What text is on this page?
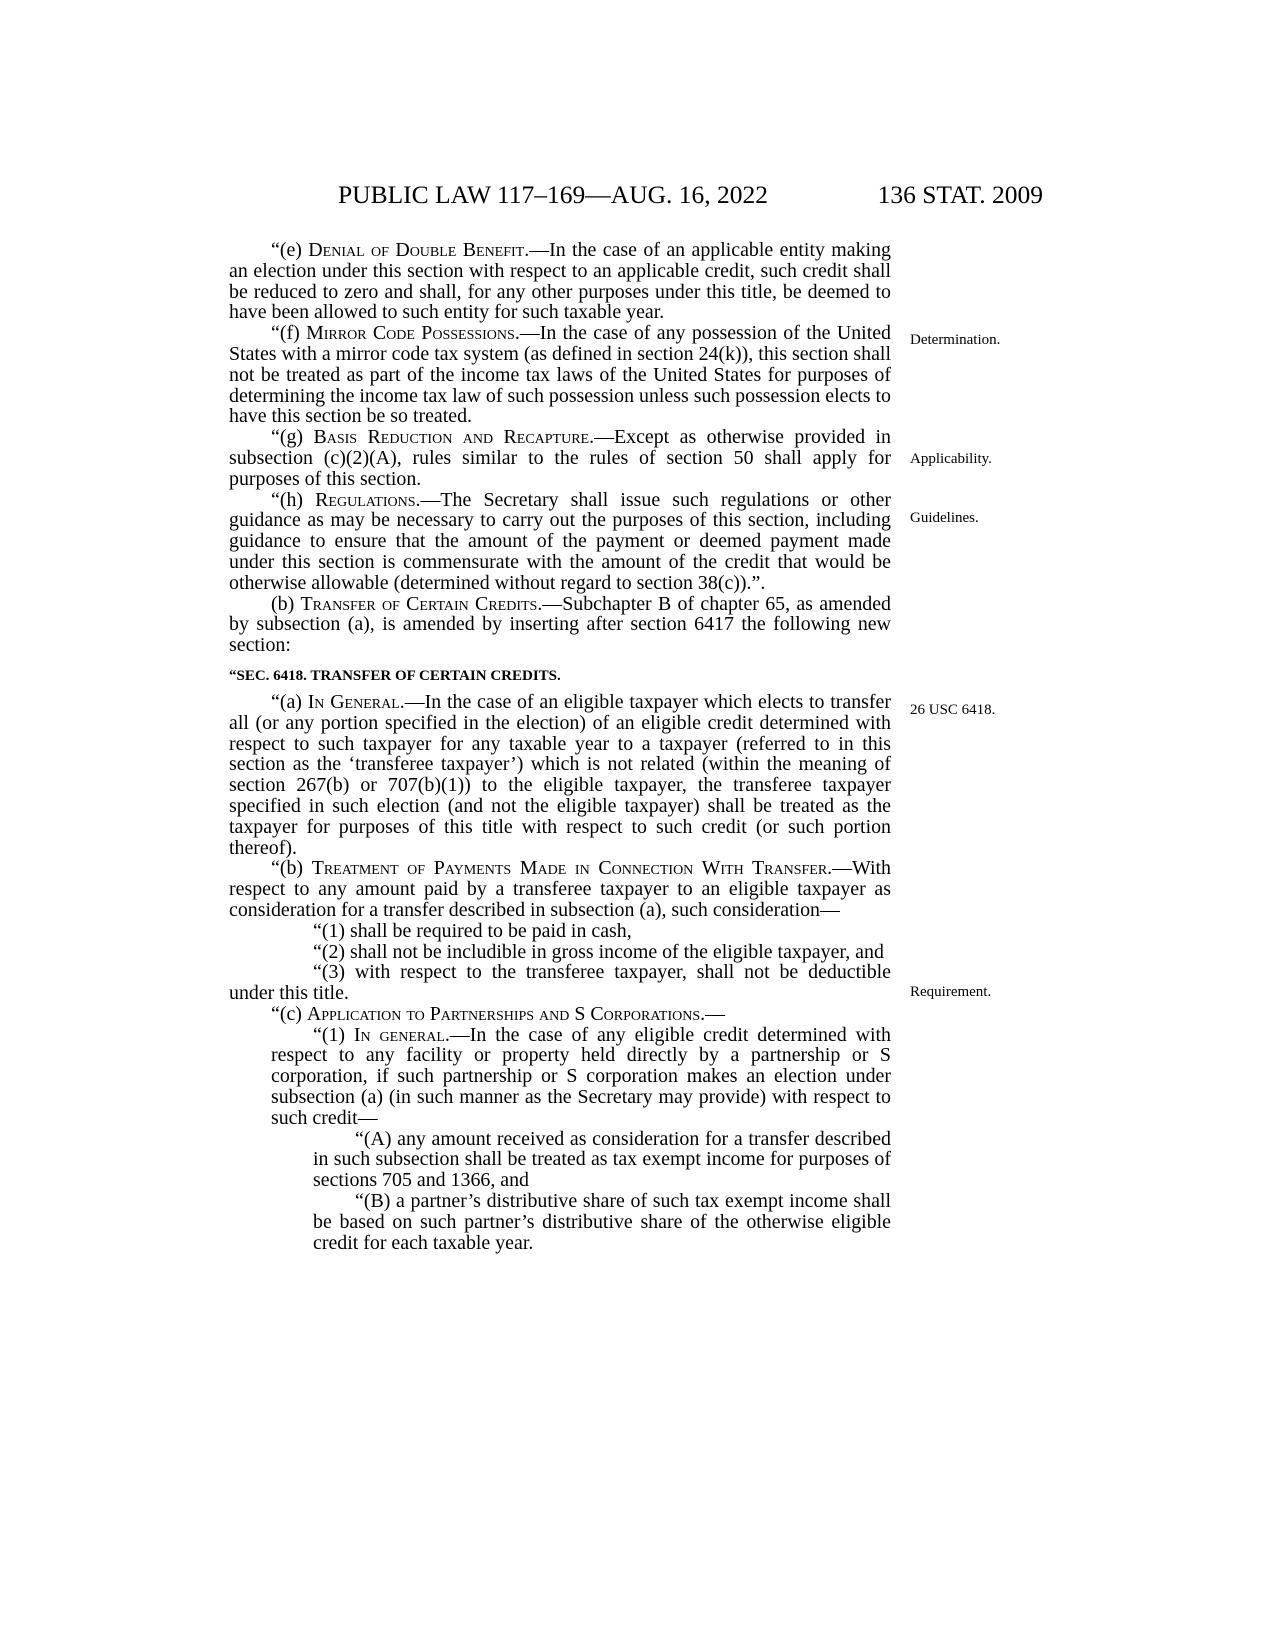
PUBLIC LAW 117–169—AUG. 16, 2022	136 STAT. 2009
Determination.
Applicability.
Guidelines.
26 USC 6418.
Requirement.

“(e) Denial of Double Benefit.—In the case of an applicable entity making an election under this section with respect to an applicable credit, such credit shall be reduced to zero and shall, for any other purposes under this title, be deemed to have been allowed to such entity for such taxable year.

“(f) Mirror Code Possessions.—In the case of any possession of the United States with a mirror code tax system (as defined in section 24(k)), this section shall not be treated as part of the income tax laws of the United States for purposes of determining the income tax law of such possession unless such possession elects to have this section be so treated.

“(g) Basis Reduction and Recapture.—Except as otherwise provided in subsection (c)(2)(A), rules similar to the rules of section 50 shall apply for purposes of this section.

“(h) Regulations.—The Secretary shall issue such regulations or other guidance as may be necessary to carry out the purposes of this section, including guidance to ensure that the amount of the payment or deemed payment made under this section is commensurate with the amount of the credit that would be otherwise allowable (determined without regard to section 38(c)).”.

(b) Transfer of Certain Credits.—Subchapter B of chapter 65, as amended by subsection (a), is amended by inserting after section 6417 the following new section:

“SEC. 6418. TRANSFER OF CERTAIN CREDITS.

“(a) In General.—In the case of an eligible taxpayer which elects to transfer all (or any portion specified in the election) of an eligible credit determined with respect to such taxpayer for any taxable year to a taxpayer (referred to in this section as the ‘transferee taxpayer’) which is not related (within the meaning of section 267(b) or 707(b)(1)) to the eligible taxpayer, the transferee taxpayer specified in such election (and not the eligible taxpayer) shall be treated as the taxpayer for purposes of this title with respect to such credit (or such portion thereof).

“(b) Treatment of Payments Made in Connection With Transfer.—With respect to any amount paid by a transferee taxpayer to an eligible taxpayer as consideration for a transfer described in subsection (a), such consideration—

“(1) shall be required to be paid in cash,

“(2) shall not be includible in gross income of the eligible taxpayer, and

“(3) with respect to the transferee taxpayer, shall not be deductible under this title.

“(c) Application to Partnerships and S Corporations.—

“(1) In general.—In the case of any eligible credit determined with respect to any facility or property held directly by a partnership or S corporation, if such partnership or S corporation makes an election under subsection (a) (in such manner as the Secretary may provide) with respect to such credit—

“(A) any amount received as consideration for a transfer described in such subsection shall be treated as tax exempt income for purposes of sections 705 and 1366, and

“(B) a partner’s distributive share of such tax exempt income shall be based on such partner’s distributive share of the otherwise eligible credit for each taxable year.
